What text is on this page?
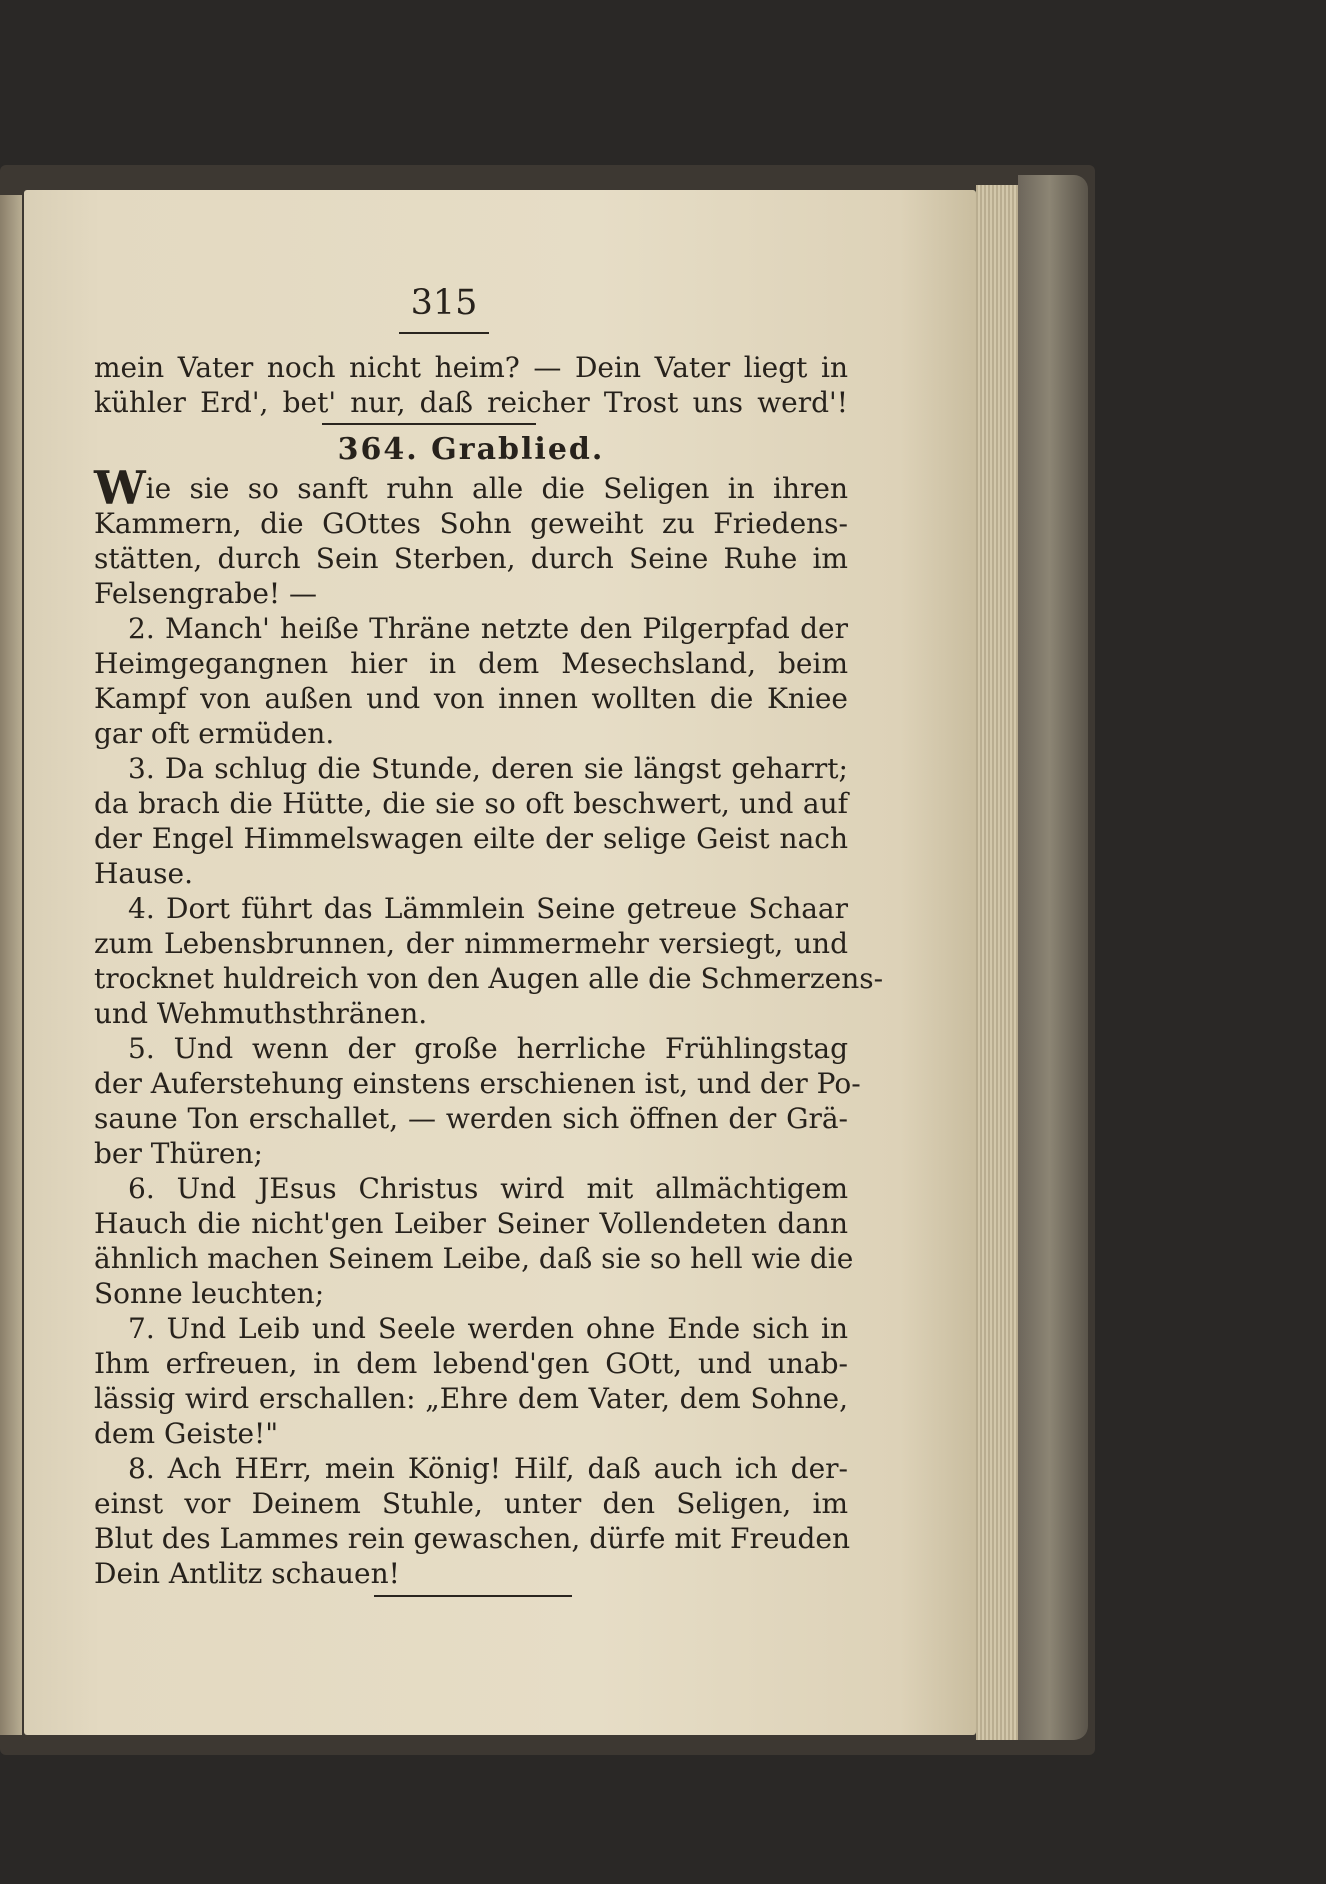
315
mein Vater noch nicht heim? — Dein Vater liegt in
kühler Erd', bet' nur, daß reicher Trost uns werd'!
364. Grablied.
Wie sie so sanft ruhn alle die Seligen in ihren
Kammern, die GOttes Sohn geweiht zu Friedens-
stätten, durch Sein Sterben, durch Seine Ruhe im
Felsengrabe! —
2. Manch' heiße Thräne netzte den Pilgerpfad der
Heimgegangnen hier in dem Mesechsland, beim
Kampf von außen und von innen wollten die Kniee
gar oft ermüden.
3. Da schlug die Stunde, deren sie längst geharrt;
da brach die Hütte, die sie so oft beschwert, und auf
der Engel Himmelswagen eilte der selige Geist nach
Hause.
4. Dort führt das Lämmlein Seine getreue Schaar
zum Lebensbrunnen, der nimmermehr versiegt, und
trocknet huldreich von den Augen alle die Schmerzens-
und Wehmuthsthränen.
5. Und wenn der große herrliche Frühlingstag
der Auferstehung einstens erschienen ist, und der Po-
saune Ton erschallet, — werden sich öffnen der Grä-
ber Thüren;
6. Und JEsus Christus wird mit allmächtigem
Hauch die nicht'gen Leiber Seiner Vollendeten dann
ähnlich machen Seinem Leibe, daß sie so hell wie die
Sonne leuchten;
7. Und Leib und Seele werden ohne Ende sich in
Ihm erfreuen, in dem lebend'gen GOtt, und unab-
lässig wird erschallen: „Ehre dem Vater, dem Sohne,
dem Geiste!"
8. Ach HErr, mein König! Hilf, daß auch ich der-
einst vor Deinem Stuhle, unter den Seligen, im
Blut des Lammes rein gewaschen, dürfe mit Freuden
Dein Antlitz schauen!
